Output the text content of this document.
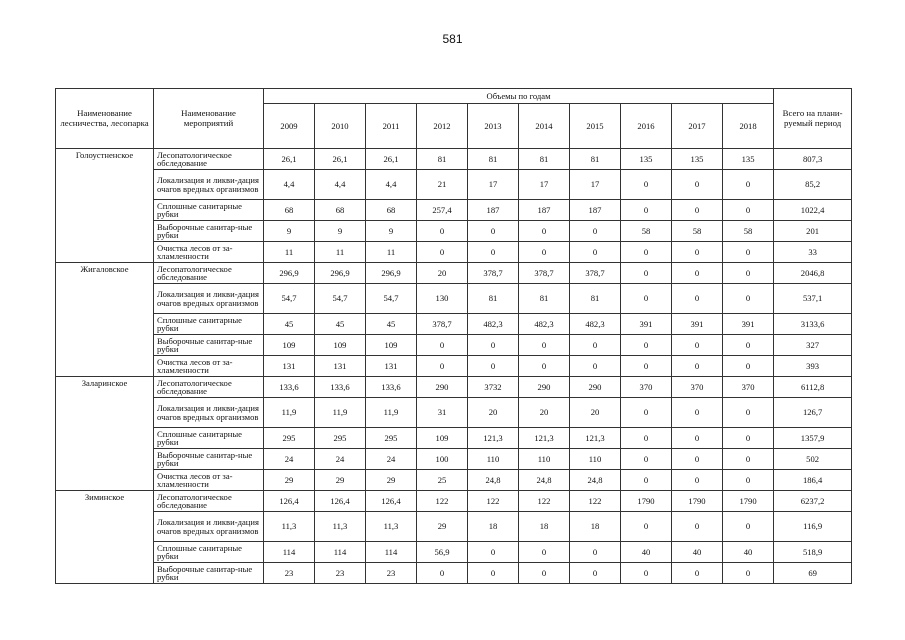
581
Наименование лесничества, лесопарка	Наименование мероприятий	Объемы по годам										Всего на плани-руемый период
		2009	2010	2011	2012	2013	2014	2015	2016	2017	2018	
Голоустненское	Лесопатологическое обследование	26,1	26,1	26,1	81	81	81	81	135	135	135	807,3
	Локализация и ликви-дация очагов вредных организмов	4,4	4,4	4,4	21	17	17	17	0	0	0	85,2
	Сплошные санитарные рубки	68	68	68	257,4	187	187	187	0	0	0	1022,4
	Выборочные санитар-ные рубки	9	9	9	0	0	0	0	58	58	58	201
	Очистка лесов от за-хламленности	11	11	11	0	0	0	0	0	0	0	33
Жигаловское	Лесопатологическое обследование	296,9	296,9	296,9	20	378,7	378,7	378,7	0	0	0	2046,8
	Локализация и ликви-дация очагов вредных организмов	54,7	54,7	54,7	130	81	81	81	0	0	0	537,1
	Сплошные санитарные рубки	45	45	45	378,7	482,3	482,3	482,3	391	391	391	3133,6
	Выборочные санитар-ные рубки	109	109	109	0	0	0	0	0	0	0	327
	Очистка лесов от за-хламленности	131	131	131	0	0	0	0	0	0	0	393
Заларинское	Лесопатологическое обследование	133,6	133,6	133,6	290	3732	290	290	370	370	370	6112,8
	Локализация и ликви-дация очагов вредных организмов	11,9	11,9	11,9	31	20	20	20	0	0	0	126,7
	Сплошные санитарные рубки	295	295	295	109	121,3	121,3	121,3	0	0	0	1357,9
	Выборочные санитар-ные рубки	24	24	24	100	110	110	110	0	0	0	502
	Очистка лесов от за-хламленности	29	29	29	25	24,8	24,8	24,8	0	0	0	186,4
Зиминское	Лесопатологическое обследование	126,4	126,4	126,4	122	122	122	122	1790	1790	1790	6237,2
	Локализация и ликви-дация очагов вредных организмов	11,3	11,3	11,3	29	18	18	18	0	0	0	116,9
	Сплошные санитарные рубки	114	114	114	56,9	0	0	0	40	40	40	518,9
	Выборочные санитар-ные рубки	23	23	23	0	0	0	0	0	0	0	69
